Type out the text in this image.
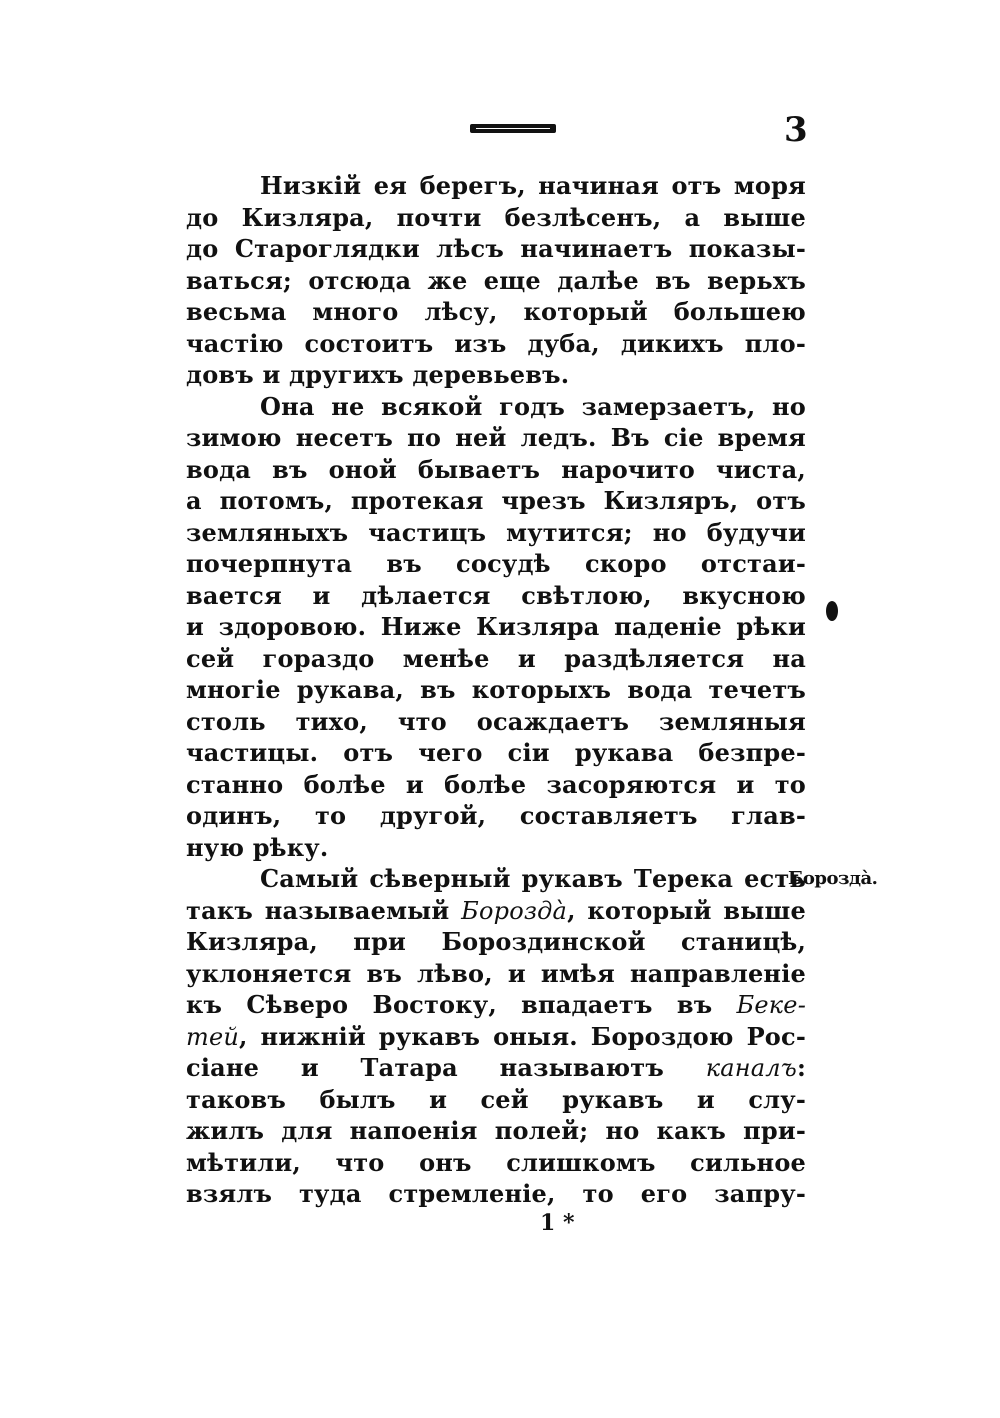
3
Низкій ея берегъ, начиная отъ моря
до Кизляра, почти безлѣсенъ, а выше
до Староглядки лѣсъ начинаетъ показы-
ваться; отсюда же еще далѣе въ верьхъ
весьма много лѣсу, который большею
частію состоитъ изъ дуба, дикихъ пло-
довъ и другихъ деревьевъ.
Она не всякой годъ замерзаетъ, но
зимою несетъ по ней ледъ. Въ сіе время
вода въ оной бываетъ нарочито чиста,
а потомъ, протекая чрезъ Кизляръ, отъ
земляныхъ частицъ мутится; но будучи
почерпнута въ сосудѣ скоро отстаи-
вается и дѣлается свѣтлою, вкусною
и здоровою. Ниже Кизляра паденіе рѣки
сей гораздо менѣе и раздѣляется на
многіе рукава, въ которыхъ вода течетъ
столь тихо, что осаждаетъ земляныя
частицы. отъ чего сіи рукава безпре-
станно болѣе и болѣе засоряются и то
одинъ, то другой, составляетъ глав-
ную рѣку.
Самый сѣверный рукавъ Терека есть
такъ называемый Бороздà, который выше
Кизляра, при Бороздинской станицѣ,
уклоняется въ лѣво, и имѣя направленіе
къ Сѣверо Востоку, впадаетъ въ Беке-
тей, нижній рукавъ оныя. Бороздою Рос-
сіане и Татара называютъ каналъ:
таковъ былъ и сей рукавъ и слу-
жилъ для напоенія полей; но какъ при-
мѣтили, что онъ слишкомъ сильное
взялъ туда стремленіе, то его запру-
Бороздà.
1 *
